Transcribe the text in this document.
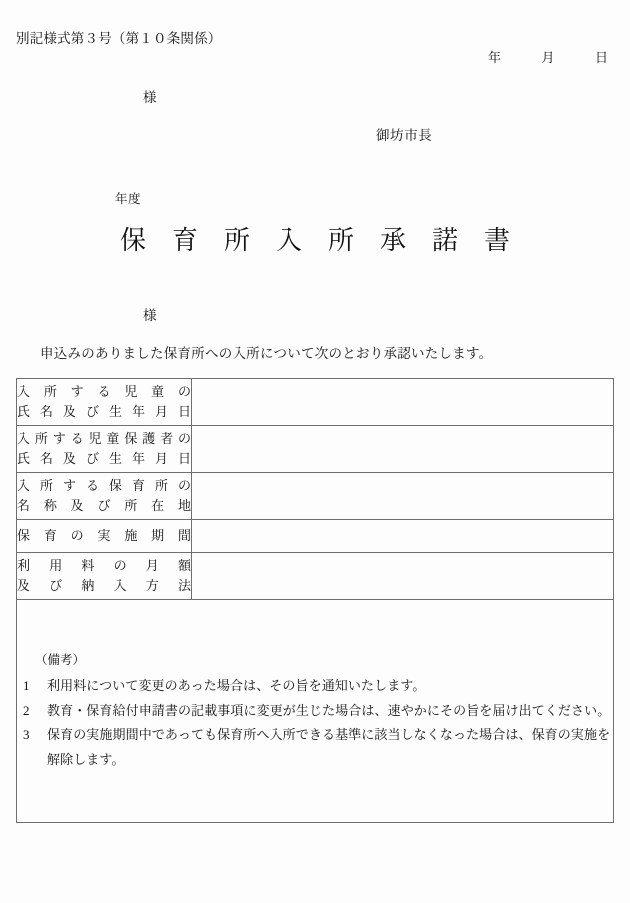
別記様式第３号（第１０条関係）
年	月	日
様
御坊市長
年度
保育所入所承諾書
様
申込みのありました保育所への入所について次のとおり承認いたします。
入所する児童の
氏名及び生年月日	

入所する児童保護者の
氏名及び生年月日	

入所する保育所の
名称及び所在地	

保育の実施期間	

利用料の月額
及び納入方法	

（備考）
1	利用料について変更のあった場合は、その旨を通知いたします。
2	教育・保育給付申請書の記載事項に変更が生じた場合は、速やかにその旨を届け出てください。
3	保育の実施期間中であっても保育所へ入所できる基準に該当しなくなった場合は、保育の実施を解除します。
